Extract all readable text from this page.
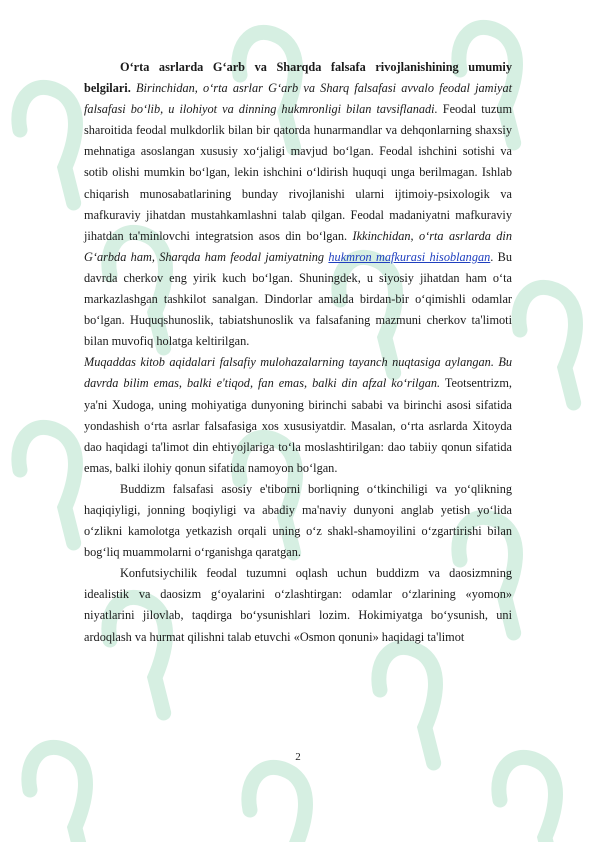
O‘rta asrlarda G‘arb va Sharqda falsafa rivojlanishining umumiy belgilari. Birinchidan, o‘rta asrlar G‘arb va Sharq falsafasi avvalo feodal jamiyat falsafasi bo‘lib, u ilohiyot va dinning hukmronligi bilan tavsiflanadi. Feodal tuzum sharoitida feodal mulkdorlik bilan bir qatorda hunarmandlar va dehqonlarning shaxsiy mehnatiga asoslangan xususiy xo‘jaligi mavjud bo‘lgan. Feodal ishchini sotishi va sotib olishi mumkin bo‘lgan, lekin ishchini o‘ldirish huquqi unga berilmagan. Ishlab chiqarish munosabatlarining bunday rivojlanishi ularni ijtimoiy-psixologik va mafkuraviy jihatdan mustahkamlashni talab qilgan. Feodal madaniyatni mafkuraviy jihatdan ta'minlovchi integratsion asos din bo‘lgan. Ikkinchidan, o‘rta asrlarda din G‘arbda ham, Sharqda ham feodal jamiyatning hukmron mafkurasi hisoblangan. Bu davrda cherkov eng yirik kuch bo‘lgan. Shuningdek, u siyosiy jihatdan ham o‘ta markazlashgan tashkilot sanalgan. Dindorlar amalda birdan-bir o‘qimishli odamlar bo‘lgan. Huquqshunoslik, tabiatshunoslik va falsafaning mazmuni cherkov ta'limoti bilan muvofiq holatga keltirilgan.

Muqaddas kitob aqidalari falsafiy mulohazalarning tayanch nuqtasiga aylangan. Bu davrda bilim emas, balki e'tiqod, fan emas, balki din afzal ko‘rilgan. Teotsentrizm, ya'ni Xudoga, uning mohiyatiga dunyoning birinchi sababi va birinchi asosi sifatida yondashish o‘rta asrlar falsafasiga xos xususiyatdir. Masalan, o‘rta asrlarda Xitoyda dao haqidagi ta'limot din ehtiyojlariga to‘la moslashtirilgan: dao tabiiy qonun sifatida emas, balki ilohiy qonun sifatida namoyon bo‘lgan.

Buddizm falsafasi asosiy e'tiborni borliqning o‘tkinchiligi va yo‘qlikning haqiqiyligi, jonning boqiyligi va abadiy ma'naviy dunyoni anglab yetish yo‘lida o‘zlikni kamolotga yetkazish orqali uning o‘z shakl-shamoyilini o‘zgartirishi bilan bog‘liq muammolarni o‘rganishga qaratgan.

Konfutsiychilik feodal tuzumni oqlash uchun buddizm va daosizmning idealistik va daosizm g‘oyalarini o‘zlashtirgan: odamlar o‘zlarining «yomon» niyatlarini jilovlab, taqdirga bo‘ysunishlari lozim. Hokimiyatga bo‘ysunish, uni ardoqlash va hurmat qilishni talab etuvchi «Osmon qonuni» haqidagi ta'limot

2
